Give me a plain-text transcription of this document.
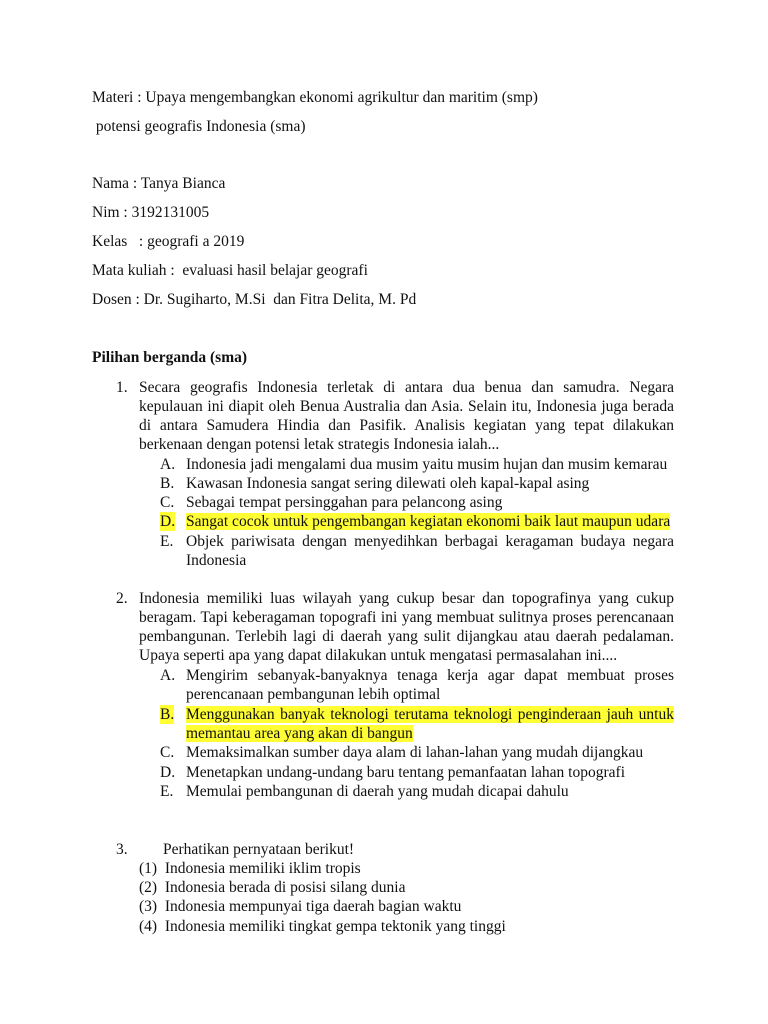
Materi : Upaya mengembangkan ekonomi agrikultur dan maritim (smp)
potensi geografis Indonesia (sma)
Nama : Tanya Bianca
Nim : 3192131005
Kelas   : geografi a 2019
Mata kuliah :  evaluasi hasil belajar geografi
Dosen : Dr. Sugiharto, M.Si  dan Fitra Delita, M. Pd
Pilihan berganda (sma)
1. Secara geografis Indonesia terletak di antara dua benua dan samudra. Negara kepulauan ini diapit oleh Benua Australia dan Asia. Selain itu, Indonesia juga berada di antara Samudera Hindia dan Pasifik. Analisis kegiatan yang tepat dilakukan berkenaan dengan potensi letak strategis Indonesia ialah...
A. Indonesia jadi mengalami dua musim yaitu musim hujan dan musim kemarau
B. Kawasan Indonesia sangat sering dilewati oleh kapal-kapal asing
C. Sebagai tempat persinggahan para pelancong asing
D. Sangat cocok untuk pengembangan kegiatan ekonomi baik laut maupun udara
E. Objek pariwisata dengan menyedihkan berbagai keragaman budaya negara Indonesia
2. Indonesia memiliki luas wilayah yang cukup besar dan topografinya yang cukup beragam. Tapi keberagaman topografi ini yang membuat sulitnya proses perencanaan pembangunan. Terlebih lagi di daerah yang sulit dijangkau atau daerah pedalaman. Upaya seperti apa yang dapat dilakukan untuk mengatasi permasalahan ini....
A. Mengirim sebanyak-banyaknya tenaga kerja agar dapat membuat proses perencanaan pembangunan lebih optimal
B. Menggunakan banyak teknologi terutama teknologi penginderaan jauh untuk memantau area yang akan di bangun
C. Memaksimalkan sumber daya alam di lahan-lahan yang mudah dijangkau
D. Menetapkan undang-undang baru tentang pemanfaatan lahan topografi
E. Memulai pembangunan di daerah yang mudah dicapai dahulu
3. Perhatikan pernyataan berikut!
(1) Indonesia memiliki iklim tropis
(2) Indonesia berada di posisi silang dunia
(3) Indonesia mempunyai tiga daerah bagian waktu
(4) Indonesia memiliki tingkat gempa tektonik yang tinggi
